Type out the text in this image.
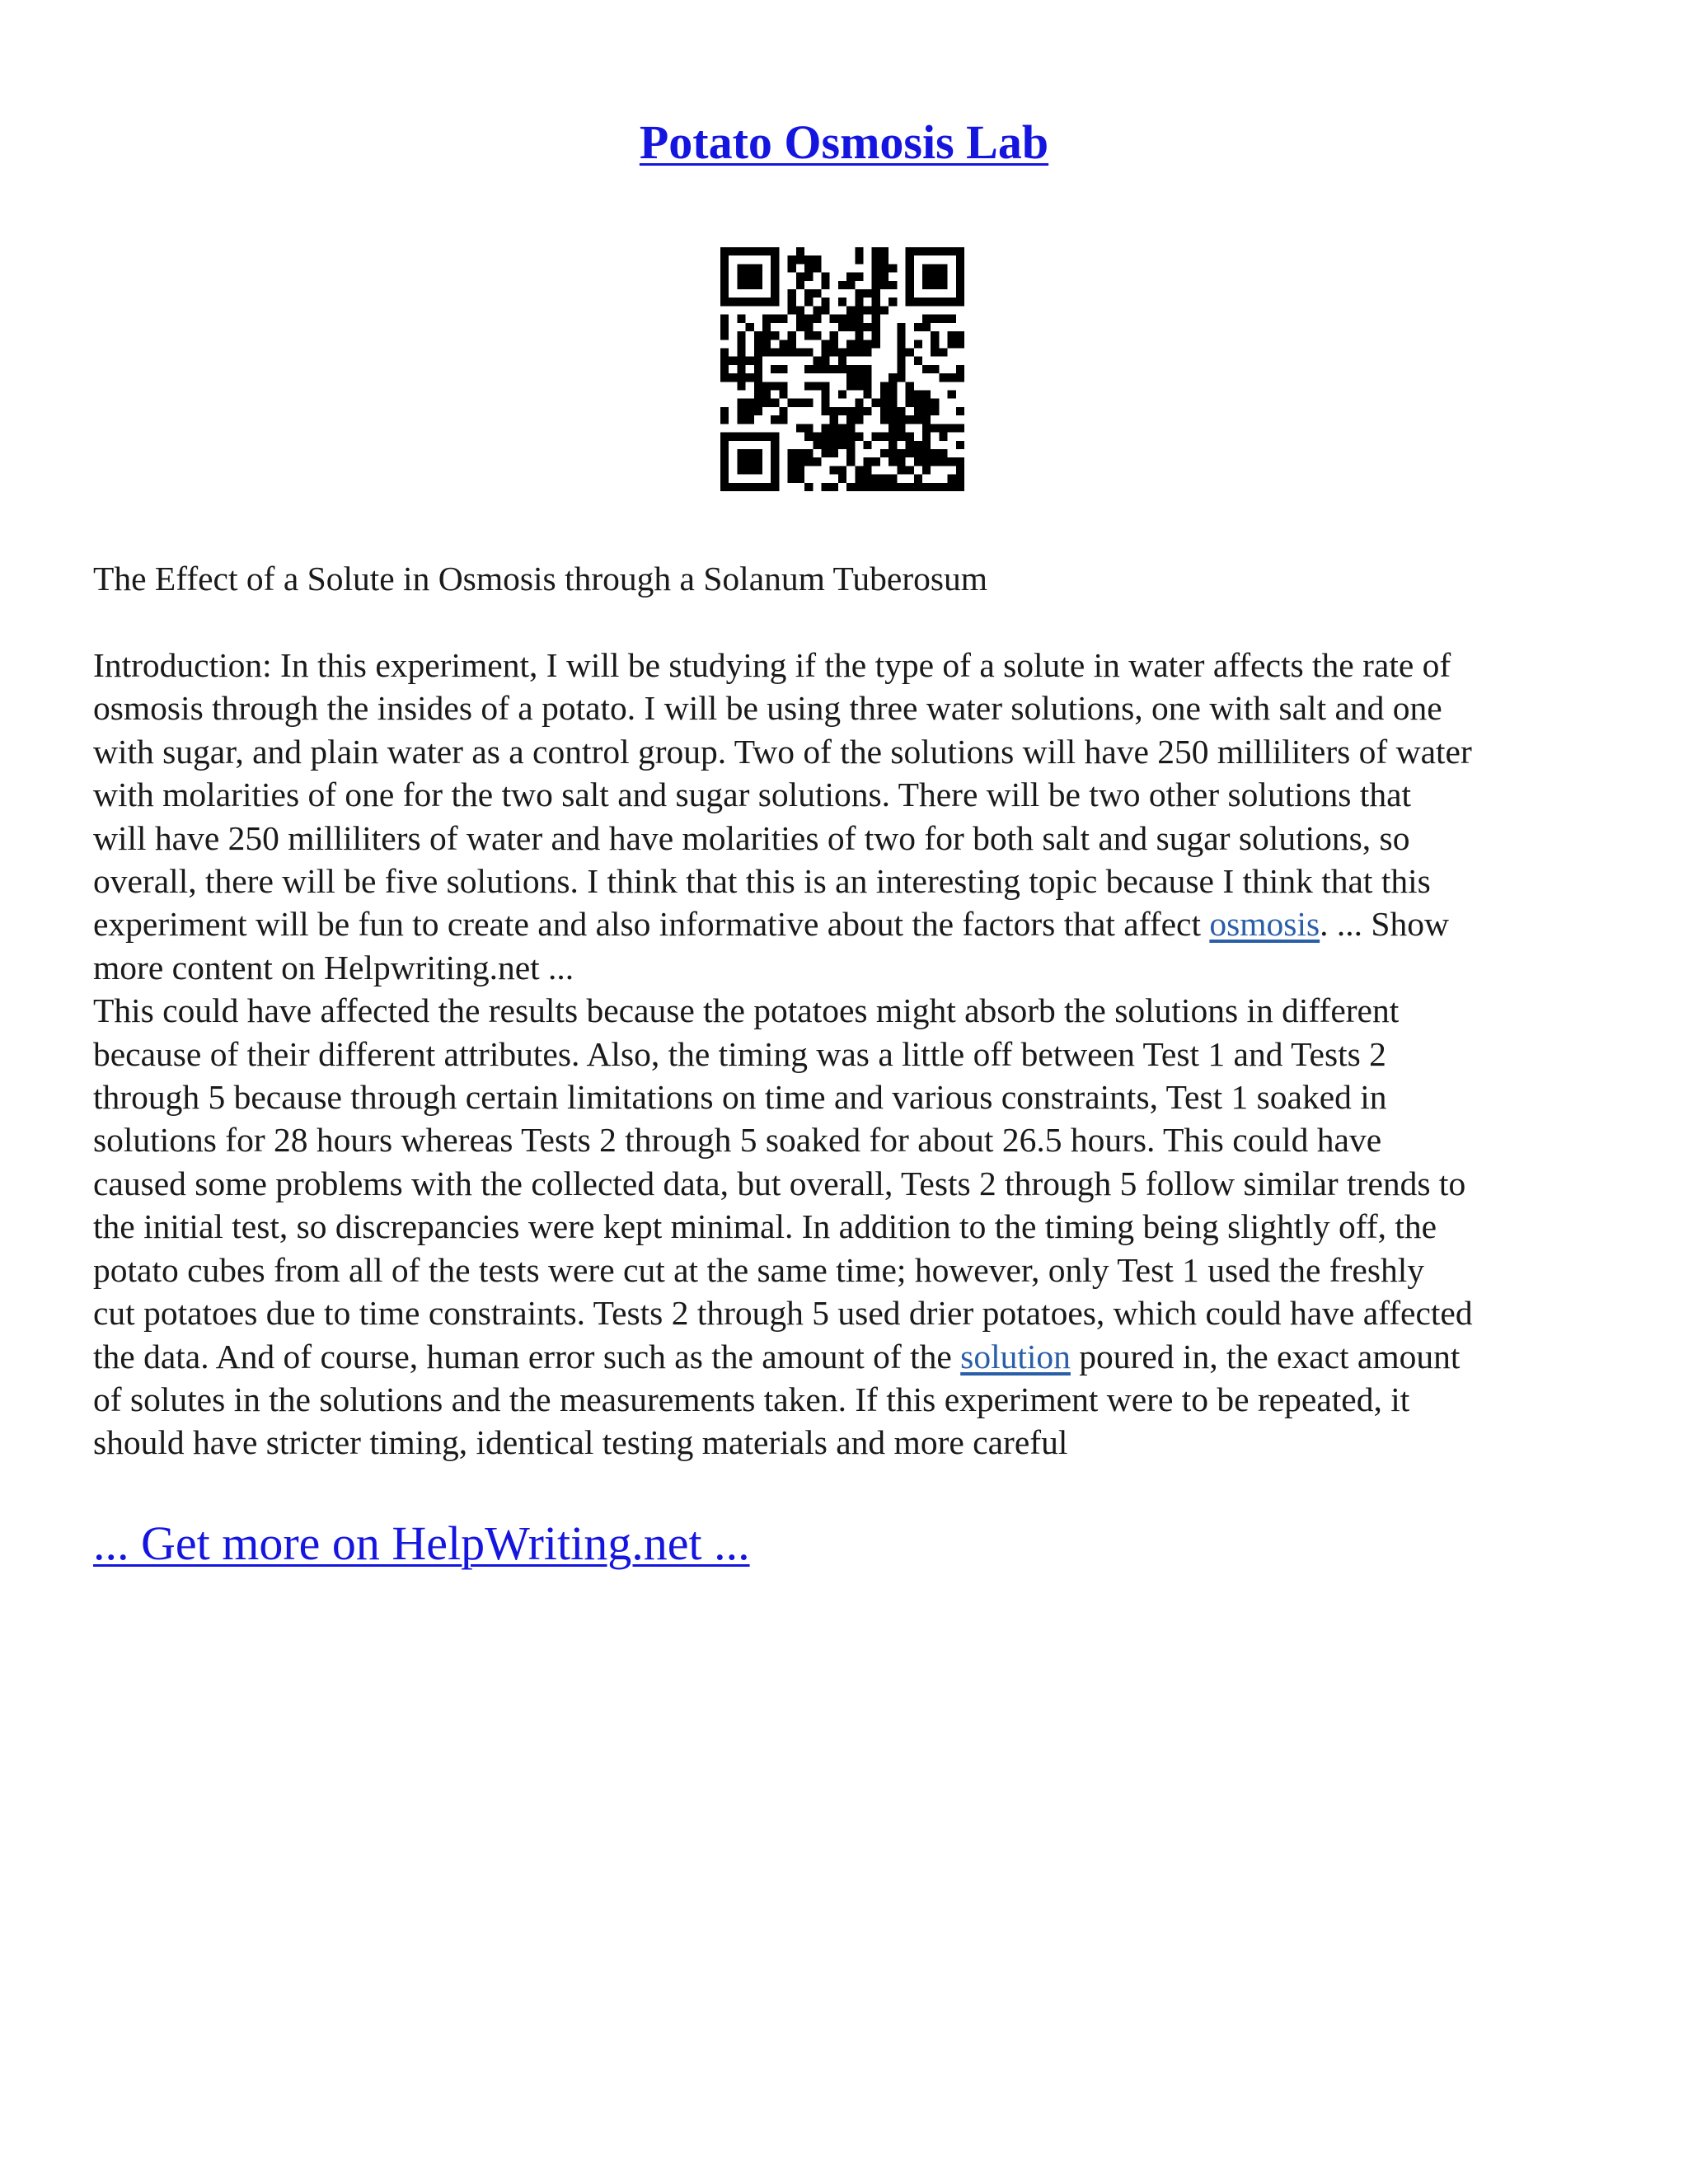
Potato Osmosis Lab

The Effect of a Solute in Osmosis through a Solanum Tuberosum

Introduction: In this experiment, I will be studying if the type of a solute in water affects the rate of
osmosis through the insides of a potato. I will be using three water solutions, one with salt and one
with sugar, and plain water as a control group. Two of the solutions will have 250 milliliters of water
with molarities of one for the two salt and sugar solutions. There will be two other solutions that
will have 250 milliliters of water and have molarities of two for both salt and sugar solutions, so
overall, there will be five solutions. I think that this is an interesting topic because I think that this
experiment will be fun to create and also informative about the factors that affect osmosis. ... Show
more content on Helpwriting.net ...
This could have affected the results because the potatoes might absorb the solutions in different
because of their different attributes. Also, the timing was a little off between Test 1 and Tests 2
through 5 because through certain limitations on time and various constraints, Test 1 soaked in
solutions for 28 hours whereas Tests 2 through 5 soaked for about 26.5 hours. This could have
caused some problems with the collected data, but overall, Tests 2 through 5 follow similar trends to
the initial test, so discrepancies were kept minimal. In addition to the timing being slightly off, the
potato cubes from all of the tests were cut at the same time; however, only Test 1 used the freshly
cut potatoes due to time constraints. Tests 2 through 5 used drier potatoes, which could have affected
the data. And of course, human error such as the amount of the solution poured in, the exact amount
of solutes in the solutions and the measurements taken. If this experiment were to be repeated, it
should have stricter timing, identical testing materials and more careful

... Get more on HelpWriting.net ...
